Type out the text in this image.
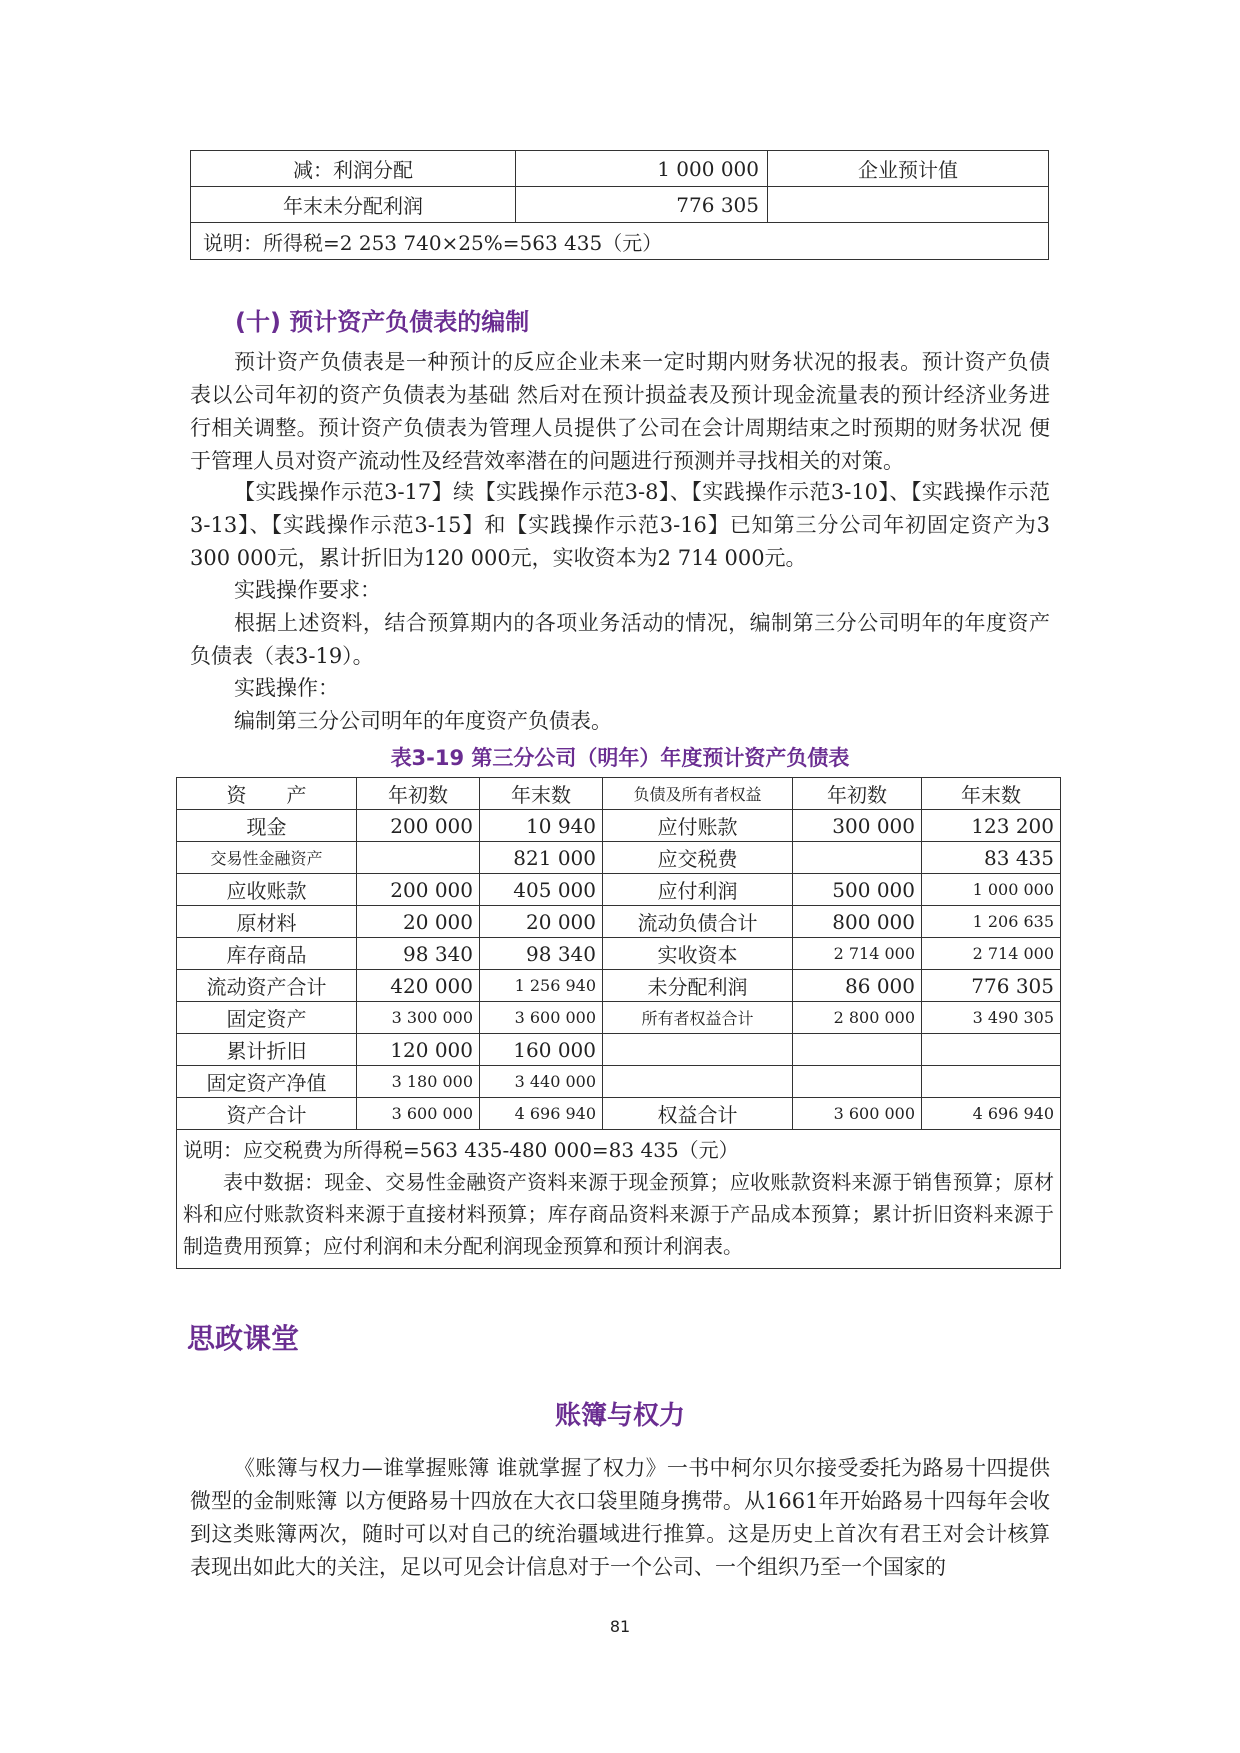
减：利润分配	1 000 000	企业预计值
年末未分配利润	776 305	
说明：所得税=2 253 740×25%=563 435（元）		
(十) 预计资产负债表的编制

预计资产负债表是一种预计的反应企业未来一定时期内财务状况的报表。预计资产负债表以公司年初的资产负债表为基础 然后对在预计损益表及预计现金流量表的预计经济业务进行相关调整。预计资产负债表为管理人员提供了公司在会计周期结束之时预期的财务状况 便于管理人员对资产流动性及经营效率潜在的问题进行预测并寻找相关的对策。

【实践操作示范3-17】续【实践操作示范3-8】、【实践操作示范3-10】、【实践操作示范3-13】、【实践操作示范3-15】和【实践操作示范3-16】已知第三分公司年初固定资产为3 300 000元，累计折旧为120 000元，实收资本为2 714 000元。

实践操作要求：

根据上述资料，结合预算期内的各项业务活动的情况，编制第三分公司明年的年度资产负债表（表3-19）。

实践操作：

编制第三分公司明年的年度资产负债表。

表3-19 第三分公司（明年）年度预计资产负债表
资　　产	年初数	年末数	负债及所有者权益	年初数	年末数
现金	200 000	10 940	应付账款	300 000	123 200
交易性金融资产		821 000	应交税费		83 435
应收账款	200 000	405 000	应付利润	500 000	1 000 000
原材料	20 000	20 000	流动负债合计	800 000	1 206 635
库存商品	98 340	98 340	实收资本	2 714 000	2 714 000
流动资产合计	420 000	1 256 940	未分配利润	86 000	776 305
固定资产	3 300 000	3 600 000	所有者权益合计	2 800 000	3 490 305
累计折旧	120 000	160 000			
固定资产净值	3 180 000	3 440 000			
资产合计	3 600 000	4 696 940	权益合计	3 600 000	4 696 940

说明：应交税费为所得税=563 435-480 000=83 435（元）
表中数据：现金、交易性金融资产资料来源于现金预算；应收账款资料来源于销售预算；原材料和应付账款资料来源于直接材料预算；库存商品资料来源于产品成本预算；累计折旧资料来源于制造费用预算；应付利润和未分配利润现金预算和预计利润表。					
思政课堂
账簿与权力

《账簿与权力—谁掌握账簿 谁就掌握了权力》一书中柯尔贝尔接受委托为路易十四提供微型的金制账簿 以方便路易十四放在大衣口袋里随身携带。从1661年开始路易十四每年会收到这类账簿两次，随时可以对自己的统治疆域进行推算。这是历史上首次有君王对会计核算表现出如此大的关注，足以可见会计信息对于一个公司、一个组织乃至一个国家的

81
